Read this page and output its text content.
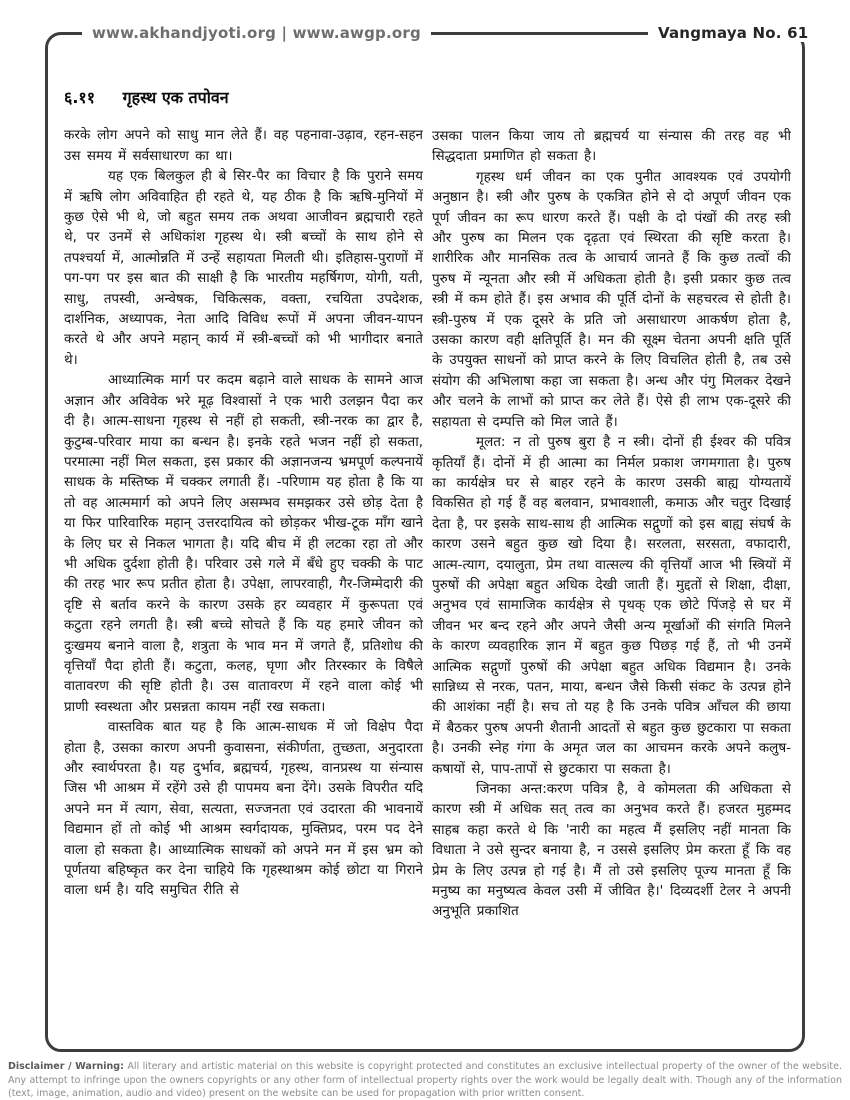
www.akhandjyoti.org | www.awgp.org	Vangmaya No. 61
६.११ गृहस्थ एक तपोवन

करके लोग अपने को साधु मान लेते हैं। वह पहनावा-उढ़ाव, रहन-सहन उस समय में सर्वसाधारण का था।

यह एक बिलकुल ही बे सिर-पैर का विचार है कि पुराने समय में ऋषि लोग अविवाहित ही रहते थे, यह ठीक है कि ऋषि-मुनियों में कुछ ऐसे भी थे, जो बहुत समय तक अथवा आजीवन ब्रह्मचारी रहते थे, पर उनमें से अधिकांश गृहस्थ थे। स्त्री बच्चों के साथ होने से तपश्चर्या में, आत्मोन्नति में उन्हें सहायता मिलती थी। इतिहास-पुराणों में पग-पग पर इस बात की साक्षी है कि भारतीय महर्षिगण, योगी, यती, साधु, तपस्वी, अन्वेषक, चिकित्सक, वक्ता, रचयिता उपदेशक, दार्शनिक, अध्यापक, नेता आदि विविध रूपों में अपना जीवन-यापन करते थे और अपने महान् कार्य में स्त्री-बच्चों को भी भागीदार बनाते थे।

आध्यात्मिक मार्ग पर कदम बढ़ाने वाले साधक के सामने आज अज्ञान और अविवेक भरे मूढ़ विश्वासों ने एक भारी उलझन पैदा कर दी है। आत्म-साधना गृहस्थ से नहीं हो सकती, स्त्री-नरक का द्वार है, कुटुम्ब-परिवार माया का बन्धन है। इनके रहते भजन नहीं हो सकता, परमात्मा नहीं मिल सकता, इस प्रकार की अज्ञानजन्य भ्रमपूर्ण कल्पनायें साधक के मस्तिष्क में चक्कर लगाती हैं। -परिणाम यह होता है कि या तो वह आत्ममार्ग को अपने लिए असम्भव समझकर उसे छोड़ देता है या फिर पारिवारिक महान् उत्तरदायित्व को छोड़कर भीख-टूक माँग खाने के लिए घर से निकल भागता है। यदि बीच में ही लटका रहा तो और भी अधिक दुर्दशा होती है। परिवार उसे गले में बँधे हुए चक्की के पाट की तरह भार रूप प्रतीत होता है। उपेक्षा, लापरवाही, गैर-जिम्मेदारी की दृष्टि से बर्ताव करने के कारण उसके हर व्यवहार में कुरूपता एवं कटुता रहने लगती है। स्त्री बच्चे सोचते हैं कि यह हमारे जीवन को दुःखमय बनाने वाला है, शत्रुता के भाव मन में जगते हैं, प्रतिशोध की वृत्तियाँ पैदा होती हैं। कटुता, कलह, घृणा और तिरस्कार के विषैले वातावरण की सृष्टि होती है। उस वातावरण में रहने वाला कोई भी प्राणी स्वस्थता और प्रसन्नता कायम नहीं रख सकता।

वास्तविक बात यह है कि आत्म-साधक में जो विक्षेप पैदा होता है, उसका कारण अपनी कुवासना, संकीर्णता, तुच्छता, अनुदारता और स्वार्थपरता है। यह दुर्भाव, ब्रह्मचर्य, गृहस्थ, वानप्रस्थ या संन्यास जिस भी आश्रम में रहेंगे उसे ही पापमय बना देंगे। उसके विपरीत यदि अपने मन में त्याग, सेवा, सत्यता, सज्जनता एवं उदारता की भावनायें विद्यमान हों तो कोई भी आश्रम स्वर्गदायक, मुक्तिप्रद, परम पद देने वाला हो सकता है। आध्यात्मिक साधकों को अपने मन में इस भ्रम को पूर्णतया बहिष्कृत कर देना चाहिये कि गृहस्थाश्रम कोई छोटा या गिराने वाला धर्म है। यदि समुचित रीति से

उसका पालन किया जाय तो ब्रह्मचर्य या संन्यास की तरह वह भी सिद्धदाता प्रमाणित हो सकता है।

गृहस्थ धर्म जीवन का एक पुनीत आवश्यक एवं उपयोगी अनुष्ठान है। स्त्री और पुरुष के एकत्रित होने से दो अपूर्ण जीवन एक पूर्ण जीवन का रूप धारण करते हैं। पक्षी के दो पंखों की तरह स्त्री और पुरुष का मिलन एक दृढ़ता एवं स्थिरता की सृष्टि करता है। शारीरिक और मानसिक तत्व के आचार्य जानते हैं कि कुछ तत्वों की पुरुष में न्यूनता और स्त्री में अधिकता होती है। इसी प्रकार कुछ तत्व स्त्री में कम होते हैं। इस अभाव की पूर्ति दोनों के सहचरत्व से होती है। स्त्री-पुरुष में एक दूसरे के प्रति जो असाधारण आकर्षण होता है, उसका कारण वही क्षतिपूर्ति है। मन की सूक्ष्म चेतना अपनी क्षति पूर्ति के उपयुक्त साधनों को प्राप्त करने के लिए विचलित होती है, तब उसे संयोग की अभिलाषा कहा जा सकता है। अन्ध और पंगु मिलकर देखने और चलने के लाभों को प्राप्त कर लेते हैं। ऐसे ही लाभ एक-दूसरे की सहायता से दम्पत्ति को मिल जाते हैं।

मूलत: न तो पुरुष बुरा है न स्त्री। दोनों ही ईश्वर की पवित्र कृतियाँ हैं। दोनों में ही आत्मा का निर्मल प्रकाश जगमगाता है। पुरुष का कार्यक्षेत्र घर से बाहर रहने के कारण उसकी बाह्य योग्यतायें विकसित हो गई हैं वह बलवान, प्रभावशाली, कमाऊ और चतुर दिखाई देता है, पर इसके साथ-साथ ही आत्मिक सद्गुणों को इस बाह्य संघर्ष के कारण उसने बहुत कुछ खो दिया है। सरलता, सरसता, वफादारी, आत्म-त्याग, दयालुता, प्रेम तथा वात्सल्य की वृत्तियाँ आज भी स्त्रियों में पुरुषों की अपेक्षा बहुत अधिक देखी जाती हैं। मुद्दतों से शिक्षा, दीक्षा, अनुभव एवं सामाजिक कार्यक्षेत्र से पृथक् एक छोटे पिंजड़े से घर में जीवन भर बन्द रहने और अपने जैसी अन्य मूर्खाओं की संगति मिलने के कारण व्यवहारिक ज्ञान में बहुत कुछ पिछड़ गई हैं, तो भी उनमें आत्मिक सद्गुणों पुरुषों की अपेक्षा बहुत अधिक विद्यमान है। उनके सान्निध्य से नरक, पतन, माया, बन्धन जैसे किसी संकट के उत्पन्न होने की आशंका नहीं है। सच तो यह है कि उनके पवित्र आँचल की छाया में बैठकर पुरुष अपनी शैतानी आदतों से बहुत कुछ छुटकारा पा सकता है। उनकी स्नेह गंगा के अमृत जल का आचमन करके अपने कलुष-कषायों से, पाप-तापों से छुटकारा पा सकता है।

जिनका अन्त:करण पवित्र है, वे कोमलता की अधिकता से कारण स्त्री में अधिक सत् तत्व का अनुभव करते हैं। हजरत मुहम्मद साहब कहा करते थे कि 'नारी का महत्व मैं इसलिए नहीं मानता कि विधाता ने उसे सुन्दर बनाया है, न उससे इसलिए प्रेम करता हूँ कि वह प्रेम के लिए उत्पन्न हो गई है। मैं तो उसे इसलिए पूज्य मानता हूँ कि मनुष्य का मनुष्यत्व केवल उसी में जीवित है।' दिव्यदर्शी टेलर ने अपनी अनुभूति प्रकाशित

Disclaimer / Warning: All literary and artistic material on this website is copyright protected and constitutes an exclusive intellectual property of the owner of the website. Any attempt to infringe upon the owners copyrights or any other form of intellectual property rights over the work would be legally dealt with. Though any of the information (text, image, animation, audio and video) present on the website can be used for propagation with prior written consent.
